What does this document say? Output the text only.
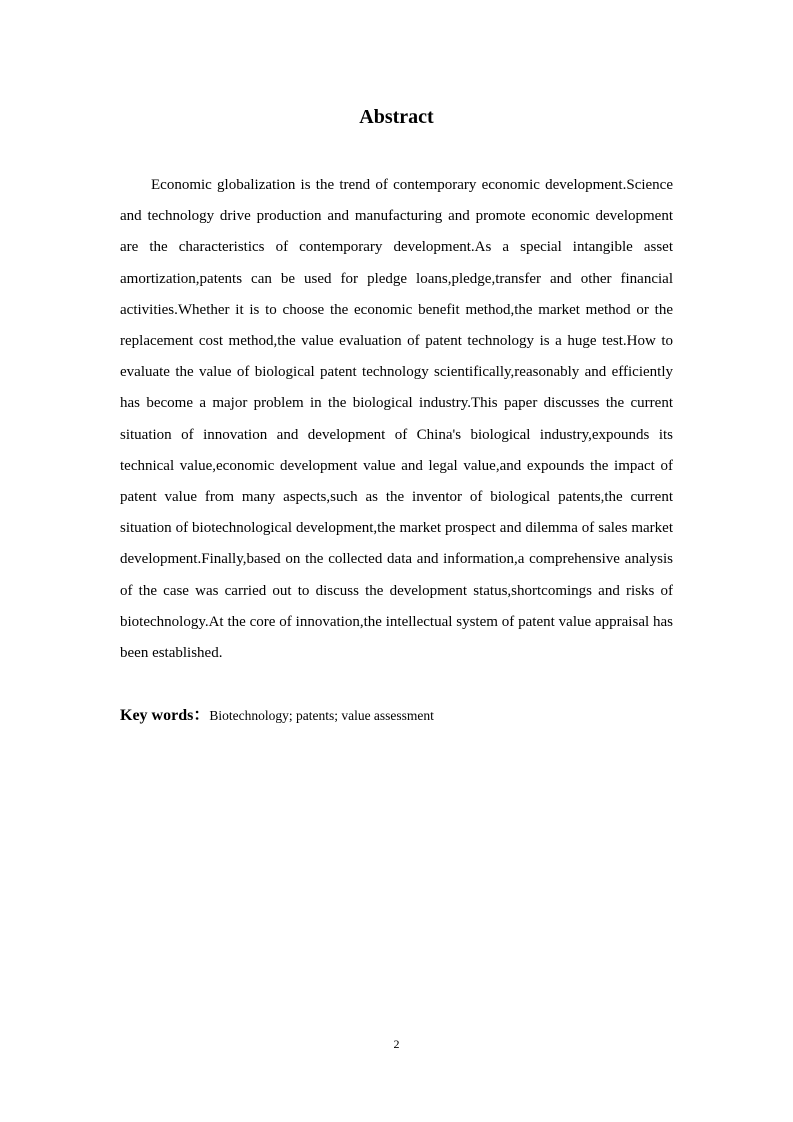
Abstract

Economic globalization is the trend of contemporary economic development.Science and technology drive production and manufacturing and promote economic development are the characteristics of contemporary development.As a special intangible asset amortization,patents can be used for pledge loans,pledge,transfer and other financial activities.Whether it is to choose the economic benefit method,the market method or the replacement cost method,the value evaluation of patent technology is a huge test.How to evaluate the value of biological patent technology scientifically,reasonably and efficiently has become a major problem in the biological industry.This paper discusses the current situation of innovation and development of China's biological industry,expounds its technical value,economic development value and legal value,and expounds the impact of patent value from many aspects,such as the inventor of biological patents,the current situation of biotechnological development,the market prospect and dilemma of sales market development.Finally,based on the collected data and information,a comprehensive analysis of the case was carried out to discuss the development status,shortcomings and risks of biotechnology.At the core of innovation,the intellectual system of patent value appraisal has been established.

Key words：Biotechnology; patents; value assessment

2
